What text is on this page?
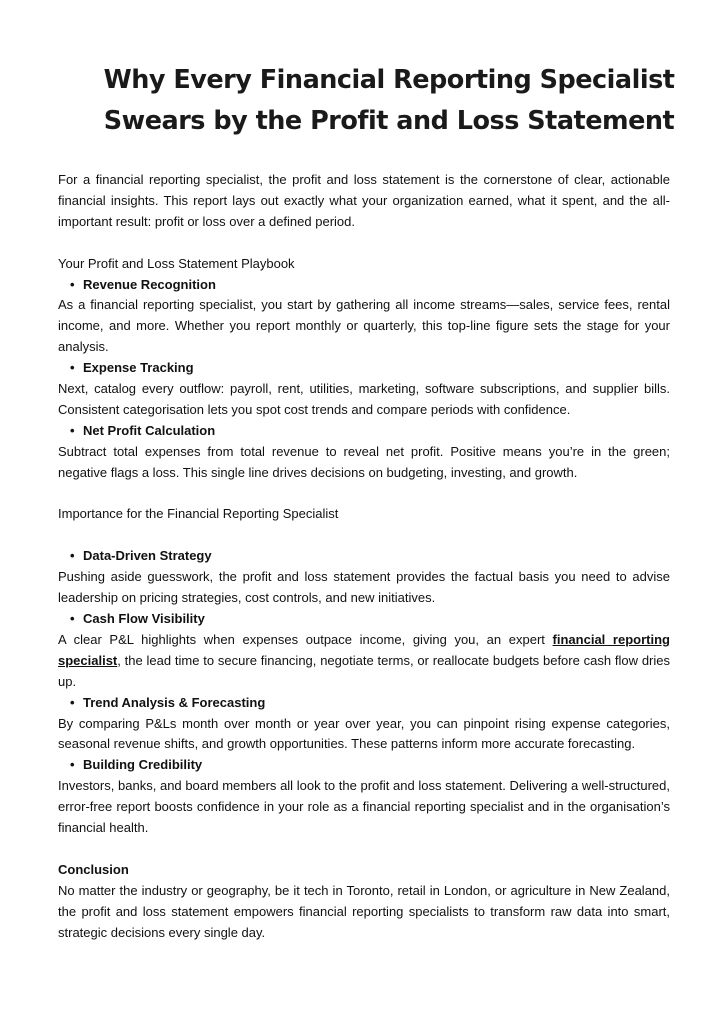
Why Every Financial Reporting Specialist Swears by the Profit and Loss Statement

For a financial reporting specialist, the profit and loss statement is the cornerstone of clear, actionable financial insights. This report lays out exactly what your organization earned, what it spent, and the all-important result: profit or loss over a defined period.

Your Profit and Loss Statement Playbook

• Revenue Recognition

As a financial reporting specialist, you start by gathering all income streams—sales, service fees, rental income, and more. Whether you report monthly or quarterly, this top-line figure sets the stage for your analysis.

• Expense Tracking

Next, catalog every outflow: payroll, rent, utilities, marketing, software subscriptions, and supplier bills. Consistent categorisation lets you spot cost trends and compare periods with confidence.

• Net Profit Calculation

Subtract total expenses from total revenue to reveal net profit. Positive means you’re in the green; negative flags a loss. This single line drives decisions on budgeting, investing, and growth.

Importance for the Financial Reporting Specialist

• Data-Driven Strategy

Pushing aside guesswork, the profit and loss statement provides the factual basis you need to advise leadership on pricing strategies, cost controls, and new initiatives.

• Cash Flow Visibility

A clear P&L highlights when expenses outpace income, giving you, an expert financial reporting specialist, the lead time to secure financing, negotiate terms, or reallocate budgets before cash flow dries up.

• Trend Analysis & Forecasting

By comparing P&Ls month over month or year over year, you can pinpoint rising expense categories, seasonal revenue shifts, and growth opportunities. These patterns inform more accurate forecasting.

• Building Credibility

Investors, banks, and board members all look to the profit and loss statement. Delivering a well-structured, error-free report boosts confidence in your role as a financial reporting specialist and in the organisation’s financial health.

Conclusion

No matter the industry or geography, be it tech in Toronto, retail in London, or agriculture in New Zealand, the profit and loss statement empowers financial reporting specialists to transform raw data into smart, strategic decisions every single day.
